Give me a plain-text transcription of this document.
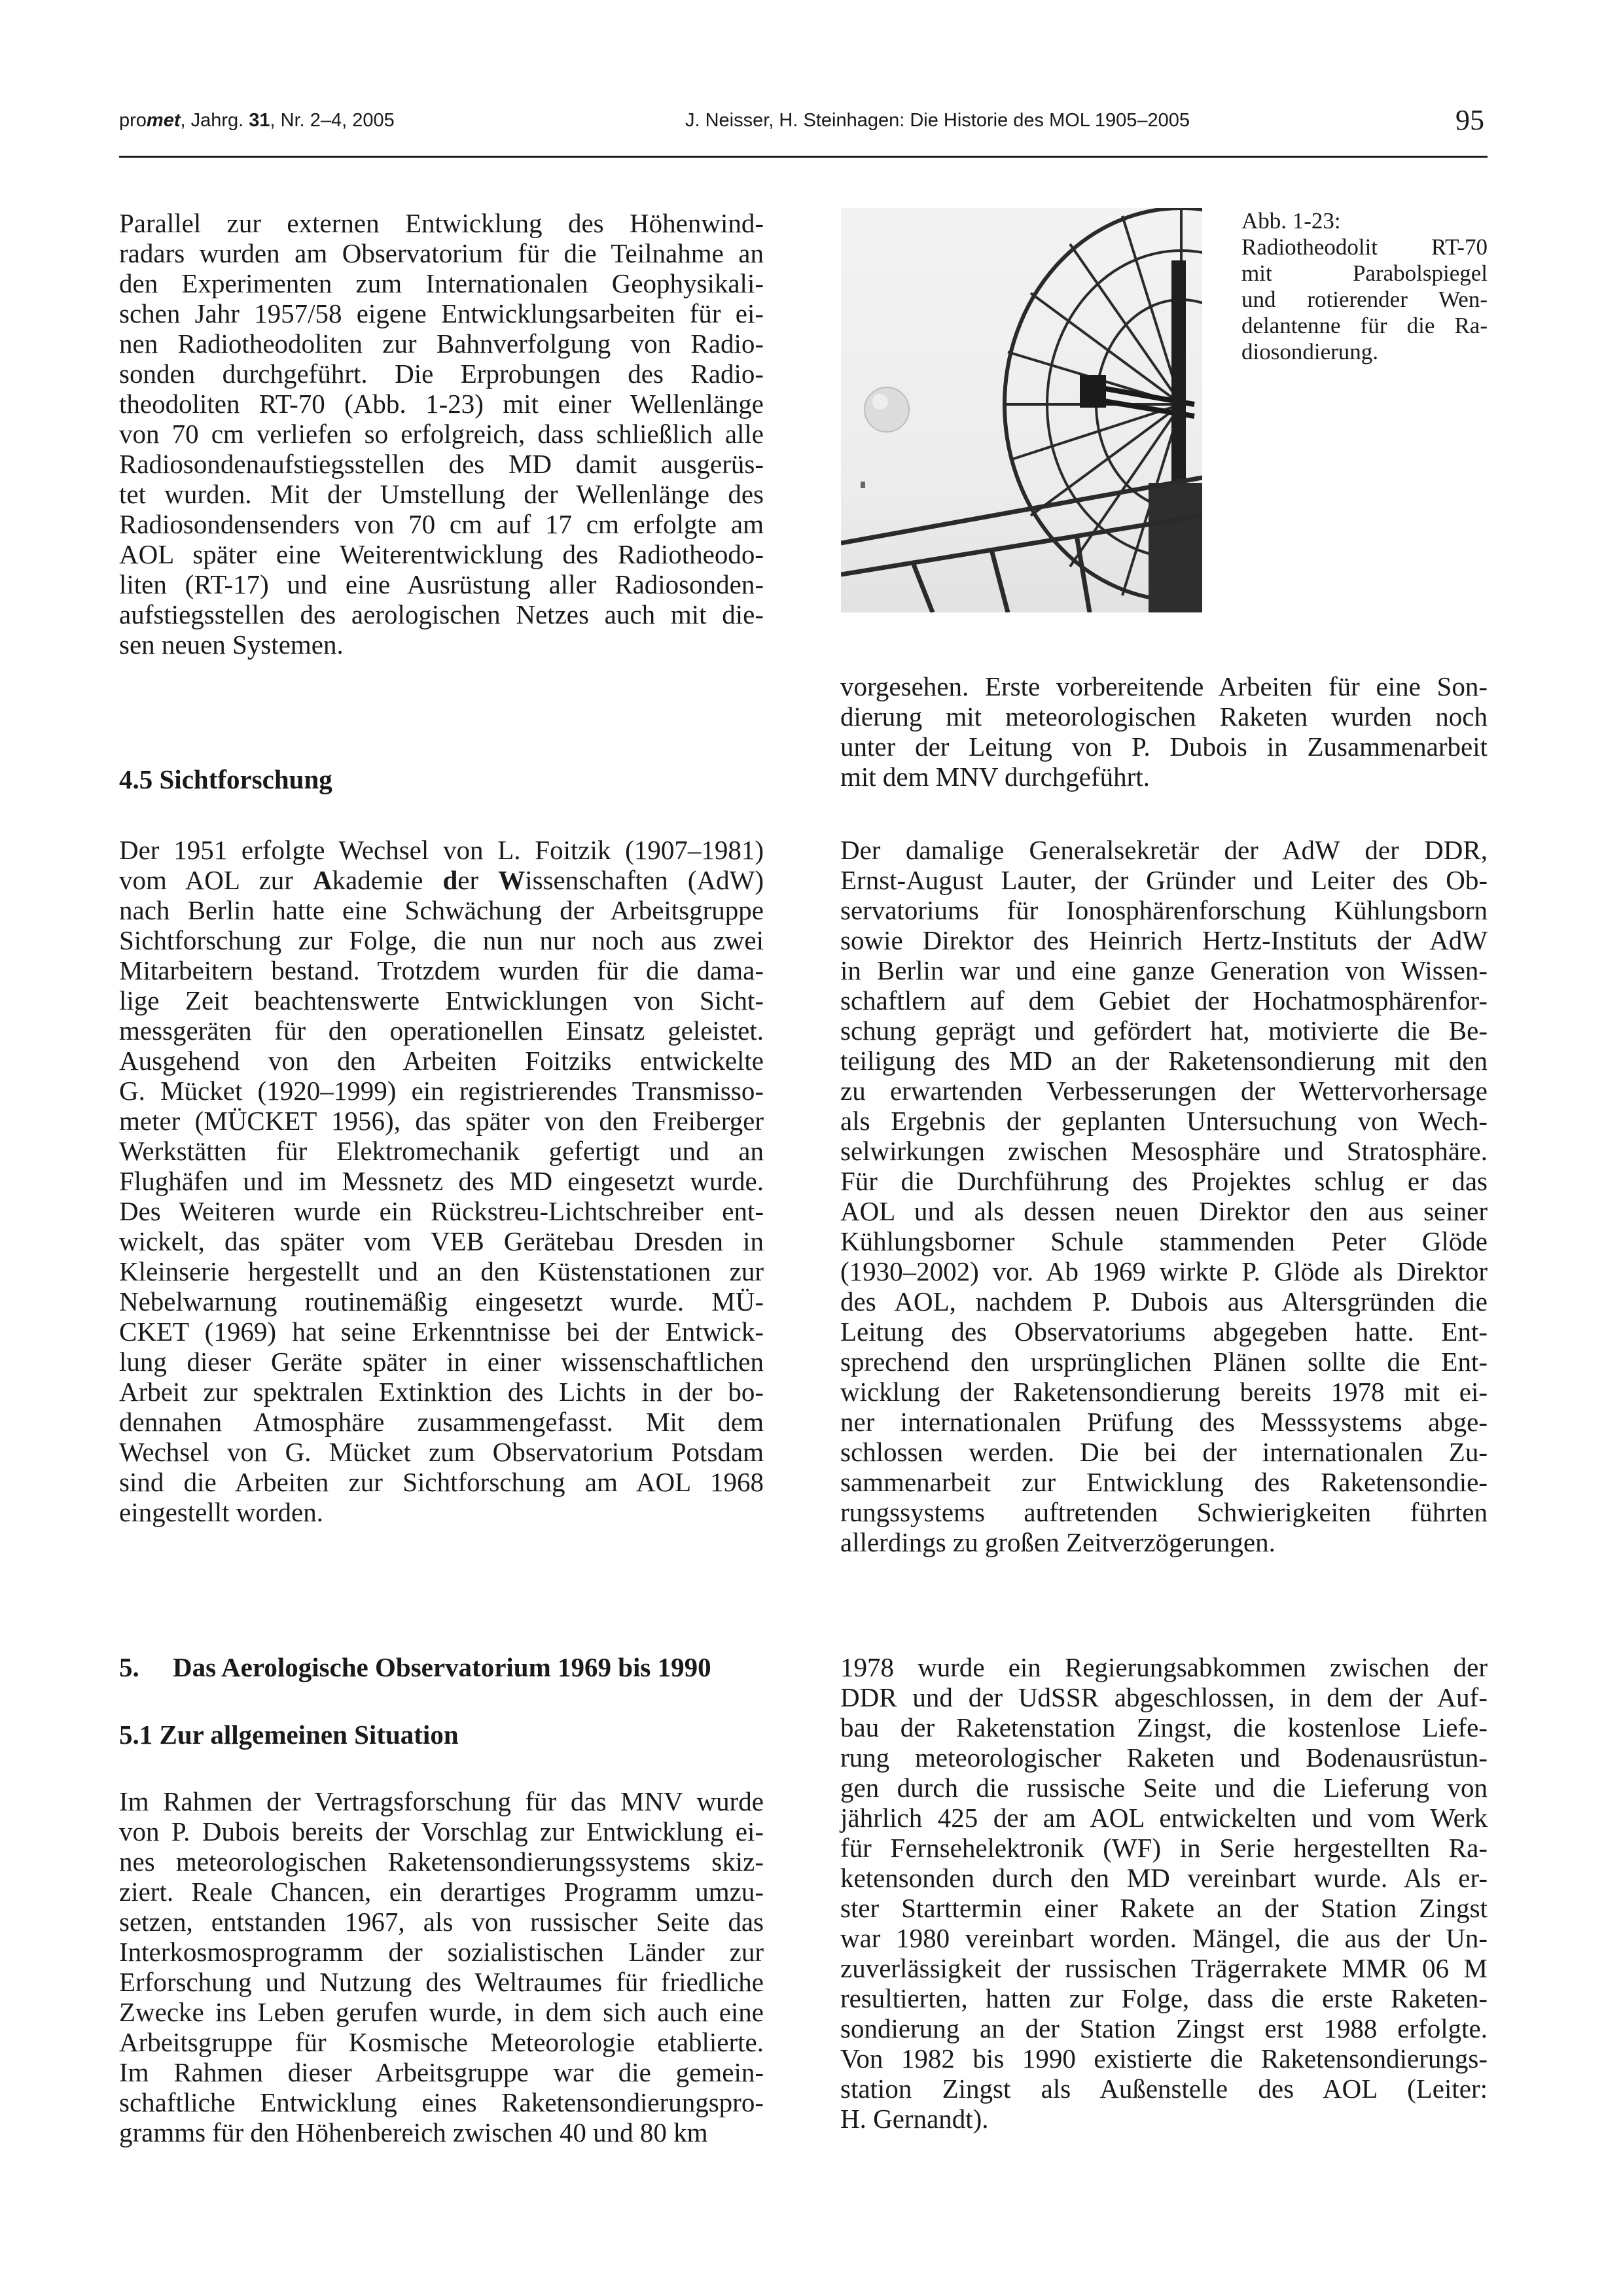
promet, Jahrg. 31, Nr. 2–4, 2005	J. Neisser, H. Steinhagen: Die Historie des MOL 1905–2005	95

Parallel zur externen Entwicklung des Höhenwind-

radars wurden am Observatorium für die Teilnahme an

den Experimenten zum Internationalen Geophysikali-

schen Jahr 1957/58 eigene Entwicklungsarbeiten für ei-

nen Radiotheodoliten zur Bahnverfolgung von Radio-

sonden durchgeführt. Die Erprobungen des Radio-

theodoliten RT-70 (Abb. 1-23) mit einer Wellenlänge

von 70 cm verliefen so erfolgreich, dass schließlich alle

Radiosondenaufstiegsstellen des MD damit ausgerüs-

tet wurden. Mit der Umstellung der Wellenlänge des

Radiosondensenders von 70 cm auf 17 cm erfolgte am

AOL später eine Weiterentwicklung des Radiotheodo-

liten (RT-17) und eine Ausrüstung aller Radiosonden-

aufstiegsstellen des aerologischen Netzes auch mit die-

sen neuen Systemen.

4.5 Sichtforschung

Der 1951 erfolgte Wechsel von L. Foitzik (1907–1981)

vom AOL zur Akademie der Wissenschaften (AdW)

nach Berlin hatte eine Schwächung der Arbeitsgruppe

Sichtforschung zur Folge, die nun nur noch aus zwei

Mitarbeitern bestand. Trotzdem wurden für die dama-

lige Zeit beachtenswerte Entwicklungen von Sicht-

messgeräten für den operationellen Einsatz geleistet.

Ausgehend von den Arbeiten Foitziks entwickelte

G. Mücket (1920–1999) ein registrierendes Transmisso-

meter (MÜCKET 1956), das später von den Freiberger

Werkstätten für Elektromechanik gefertigt und an

Flughäfen und im Messnetz des MD eingesetzt wurde.

Des Weiteren wurde ein Rückstreu-Lichtschreiber ent-

wickelt, das später vom VEB Gerätebau Dresden in

Kleinserie hergestellt und an den Küstenstationen zur

Nebelwarnung routinemäßig eingesetzt wurde. MÜ-

CKET (1969) hat seine Erkenntnisse bei der Entwick-

lung dieser Geräte später in einer wissenschaftlichen

Arbeit zur spektralen Extinktion des Lichts in der bo-

dennahen Atmosphäre zusammengefasst. Mit dem

Wechsel von G. Mücket zum Observatorium Potsdam

sind die Arbeiten zur Sichtforschung am AOL 1968

eingestellt worden.

5.  Das Aerologische Observatorium 1969 bis 1990
5.1 Zur allgemeinen Situation

Im Rahmen der Vertragsforschung für das MNV wurde

von P. Dubois bereits der Vorschlag zur Entwicklung ei-

nes meteorologischen Raketensondierungssystems skiz-

ziert. Reale Chancen, ein derartiges Programm umzu-

setzen, entstanden 1967, als von russischer Seite das

Interkosmosprogramm der sozialistischen Länder zur

Erforschung und Nutzung des Weltraumes für friedliche

Zwecke ins Leben gerufen wurde, in dem sich auch eine

Arbeitsgruppe für Kosmische Meteorologie etablierte.

Im Rahmen dieser Arbeitsgruppe war die gemein-

schaftliche Entwicklung eines Raketensondierungspro-

gramms für den Höhenbereich zwischen 40 und 80 km

Abb. 1-23:

Radiotheodolit RT-70

mit Parabolspiegel

und rotierender Wen-

delantenne für die Ra-

diosondierung.

vorgesehen. Erste vorbereitende Arbeiten für eine Son-

dierung mit meteorologischen Raketen wurden noch

unter der Leitung von P. Dubois in Zusammenarbeit

mit dem MNV durchgeführt.

Der damalige Generalsekretär der AdW der DDR,

Ernst-August Lauter, der Gründer und Leiter des Ob-

servatoriums für Ionosphärenforschung Kühlungsborn

sowie Direktor des Heinrich Hertz-Instituts der AdW

in Berlin war und eine ganze Generation von Wissen-

schaftlern auf dem Gebiet der Hochatmosphärenfor-

schung geprägt und gefördert hat, motivierte die Be-

teiligung des MD an der Raketensondierung mit den

zu erwartenden Verbesserungen der Wettervorhersage

als Ergebnis der geplanten Untersuchung von Wech-

selwirkungen zwischen Mesosphäre und Stratosphäre.

Für die Durchführung des Projektes schlug er das

AOL und als dessen neuen Direktor den aus seiner

Kühlungsborner Schule stammenden Peter Glöde

(1930–2002) vor. Ab 1969 wirkte P. Glöde als Direktor

des AOL, nachdem P. Dubois aus Altersgründen die

Leitung des Observatoriums abgegeben hatte. Ent-

sprechend den ursprünglichen Plänen sollte die Ent-

wicklung der Raketensondierung bereits 1978 mit ei-

ner internationalen Prüfung des Messsystems abge-

schlossen werden. Die bei der internationalen Zu-

sammenarbeit zur Entwicklung des Raketensondie-

rungssystems auftretenden Schwierigkeiten führten

allerdings zu großen Zeitverzögerungen.

1978 wurde ein Regierungsabkommen zwischen der

DDR und der UdSSR abgeschlossen, in dem der Auf-

bau der Raketenstation Zingst, die kostenlose Liefe-

rung meteorologischer Raketen und Bodenausrüstun-

gen durch die russische Seite und die Lieferung von

jährlich 425 der am AOL entwickelten und vom Werk

für Fernsehelektronik (WF) in Serie hergestellten Ra-

ketensonden durch den MD vereinbart wurde. Als er-

ster Starttermin einer Rakete an der Station Zingst

war 1980 vereinbart worden. Mängel, die aus der Un-

zuverlässigkeit der russischen Trägerrakete MMR 06 M

resultierten, hatten zur Folge, dass die erste Raketen-

sondierung an der Station Zingst erst 1988 erfolgte.

Von 1982 bis 1990 existierte die Raketensondierungs-

station Zingst als Außenstelle des AOL (Leiter:

H. Gernandt).
